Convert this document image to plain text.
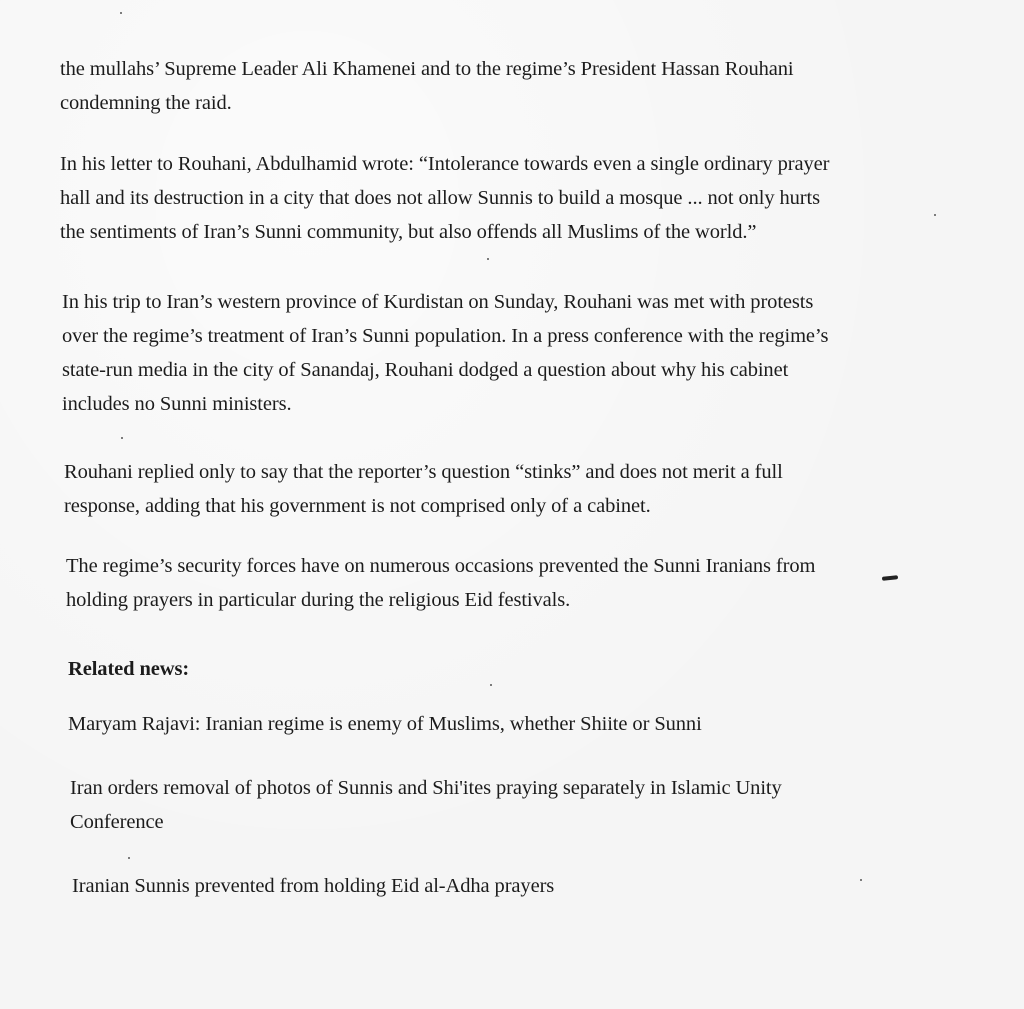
the mullahs’ Supreme Leader Ali Khamenei and to the regime’s President Hassan Rouhani
condemning the raid.

In his letter to Rouhani, Abdulhamid wrote: “Intolerance towards even a single ordinary prayer
hall and its destruction in a city that does not allow Sunnis to build a mosque ... not only hurts
the sentiments of Iran’s Sunni community, but also offends all Muslims of the world.”

In his trip to Iran’s western province of Kurdistan on Sunday, Rouhani was met with protests
over the regime’s treatment of Iran’s Sunni population. In a press conference with the regime’s
state-run media in the city of Sanandaj, Rouhani dodged a question about why his cabinet
includes no Sunni ministers.

Rouhani replied only to say that the reporter’s question “stinks” and does not merit a full
response, adding that his government is not comprised only of a cabinet.

The regime’s security forces have on numerous occasions prevented the Sunni Iranians from
holding prayers in particular during the religious Eid festivals.

Related news:

Maryam Rajavi: Iranian regime is enemy of Muslims, whether Shiite or Sunni

Iran orders removal of photos of Sunnis and Shi'ites praying separately in Islamic Unity
Conference

Iranian Sunnis prevented from holding Eid al-Adha prayers
